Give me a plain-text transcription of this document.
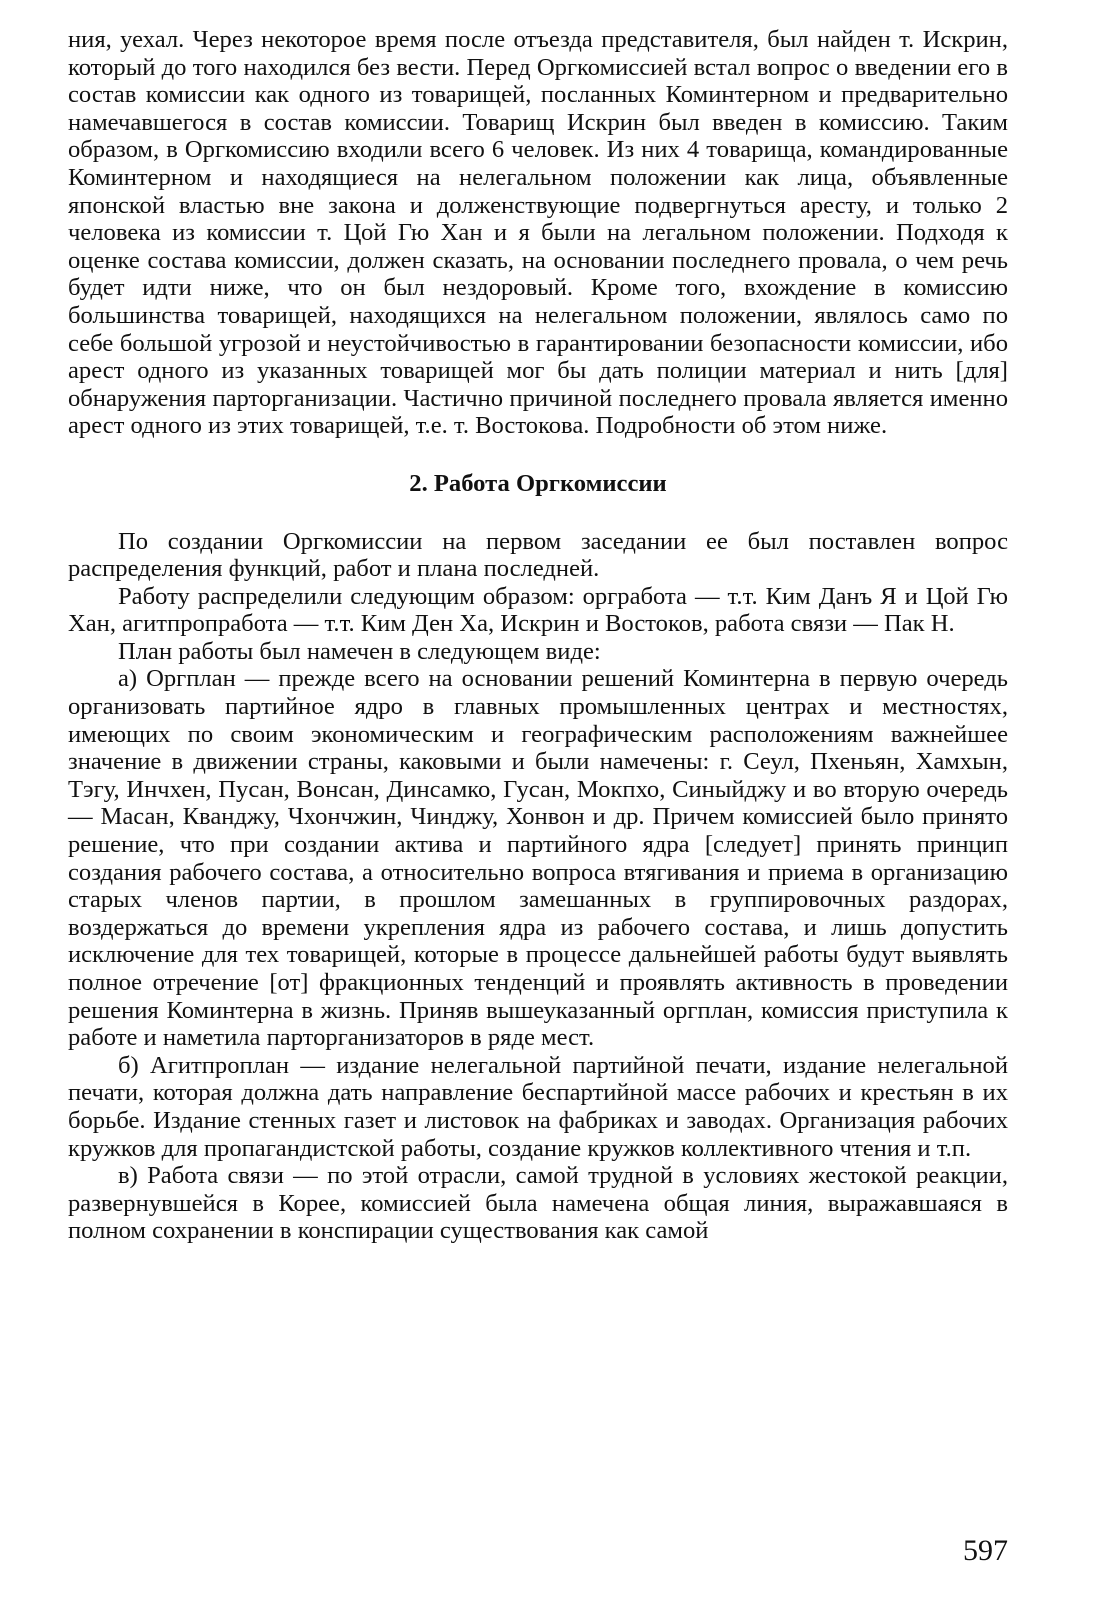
ния, уехал. Через некоторое время после отъезда представителя, был найден т. Искрин, который до того находился без вести. Перед Оргкомиссией встал вопрос о введении его в состав комиссии как одного из товарищей, посланных Коминтерном и предварительно намечавшегося в состав комиссии. Товарищ Искрин был введен в комиссию. Таким образом, в Оргкомиссию входили всего 6 человек. Из них 4 товарища, командированные Коминтерном и находящиеся на нелегальном положении как лица, объявленные японской властью вне закона и долженствующие подвергнуться аресту, и только 2 человека из комиссии т. Цой Гю Хан и я были на легальном положении. Подходя к оценке состава комиссии, должен сказать, на основании последнего провала, о чем речь будет идти ниже, что он был нездоровый. Кроме того, вхождение в комиссию большинства товарищей, находящихся на нелегальном положении, являлось само по себе большой угрозой и неустойчивостью в гарантировании безопасности комиссии, ибо арест одного из указанных товарищей мог бы дать полиции материал и нить [для] обнаружения парторганизации. Частично причиной последнего провала является именно арест одного из этих товарищей, т.е. т. Востокова. Подробности об этом ниже.

2. Работа Оргкомиссии

По создании Оргкомиссии на первом заседании ее был поставлен вопрос распределения функций, работ и плана последней.

Работу распределили следующим образом: оргработа — т.т. Ким Данъ Я и Цой Гю Хан, агитпропработа — т.т. Ким Ден Ха, Искрин и Востоков, работа связи — Пак Н.

План работы был намечен в следующем виде:

а) Оргплан — прежде всего на основании решений Коминтерна в первую очередь организовать партийное ядро в главных промышленных центрах и местностях, имеющих по своим экономическим и географическим расположениям важнейшее значение в движении страны, каковыми и были намечены: г. Сеул, Пхеньян, Хамхын, Тэгу, Инчхен, Пусан, Вонсан, Динсамко, Гусан, Мокпхо, Синыйджу и во вторую очередь — Масан, Кванджу, Чхончжин, Чинджу, Хонвон и др. Причем комиссией было принято решение, что при создании актива и партийного ядра [следует] принять принцип создания рабочего состава, а относительно вопроса втягивания и приема в организацию старых членов партии, в прошлом замешанных в группировочных раздорах, воздержаться до времени укрепления ядра из рабочего состава, и лишь допустить исключение для тех товарищей, которые в процессе дальнейшей работы будут выявлять полное отречение [от] фракционных тенденций и проявлять активность в проведении решения Коминтерна в жизнь. Приняв вышеуказанный оргплан, комиссия приступила к работе и наметила парторганизаторов в ряде мест.

б) Агитпроплан — издание нелегальной партийной печати, издание нелегальной печати, которая должна дать направление беспартийной массе рабочих и крестьян в их борьбе. Издание стенных газет и листовок на фабриках и заводах. Организация рабочих кружков для пропагандистской работы, создание кружков коллективного чтения и т.п.

в) Работа связи — по этой отрасли, самой трудной в условиях жестокой реакции, развернувшейся в Корее, комиссией была намечена общая линия, выражавшаяся в полном сохранении в конспирации существования как самой

597
